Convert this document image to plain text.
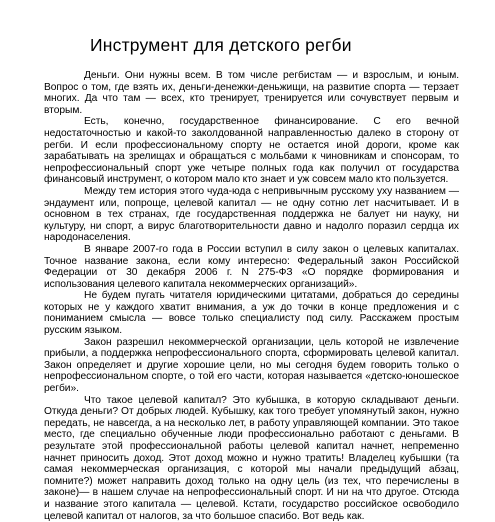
Инструмент для детского регби

Деньги. Они нужны всем. В том числе регбистам — и взрослым, и юным. Вопрос о том, где взять их, деньги-денежки-деньжищи, на развитие спорта — терзает многих. Да что там — всех, кто тренирует, тренируется или сочувствует первым и вторым.

Есть, конечно, государственное финансирование. С его вечной недостаточностью и какой-то заколдованной направленностью далеко в сторону от регби. И если профессиональному спорту не остается иной дороги, кроме как зарабатывать на зрелищах и обращаться с мольбами к чиновникам и спонсорам, то непрофессиональный спорт уже четыре полных года как получил от государства финансовый инструмент, о котором мало кто знает и уж совсем мало кто пользуется.

Между тем история этого чуда-юда с непривычным русскому уху названием — эндаумент или, попроще, целевой капитал — не одну сотню лет насчитывает. И в основном в тех странах, где государственная поддержка не балует ни науку, ни культуру, ни спорт, а вирус благотворительности давно и надолго поразил сердца их народонаселения.

В январе 2007-го года в России вступил в силу закон о целевых капиталах. Точное название закона, если кому интересно: Федеральный закон Российской Федерации от 30 декабря 2006 г. N 275-ФЗ «О порядке формирования и использования целевого капитала некоммерческих организаций».

Не будем пугать читателя юридическими цитатами, добраться до середины которых не у каждого хватит внимания, а уж до точки в конце предложения и с пониманием смысла — вовсе только специалисту под силу. Расскажем простым русским языком.

Закон разрешил некоммерческой организации, цель которой не извлечение прибыли, а поддержка непрофессионального спорта, сформировать целевой капитал. Закон определяет и другие хорошие цели, но мы сегодня будем говорить только о непрофессиональном спорте, о той его части, которая называется «детско-юношеское регби».

Что такое целевой капитал? Это кубышка, в которую складывают деньги. Откуда деньги? От добрых людей. Кубышку, как того требует упомянутый закон, нужно передать, не навсегда, а на несколько лет, в работу управляющей компании. Это такое место, где специально обученные люди профессионально работают с деньгами. В результате этой профессиональной работы целевой капитал начнет, непременно начнет приносить доход. Этот доход можно и нужно тратить! Владелец кубышки (та самая некоммерческая организация, с которой мы начали предыдущий абзац, помните?) может направить доход только на одну цель (из тех, что перечислены в законе)— в нашем случае на непрофессиональный спорт. И ни на что другое. Отсюда и название этого капитала — целевой. Кстати, государство российское освободило целевой капитал от налогов, за что большое спасибо. Вот ведь как.
